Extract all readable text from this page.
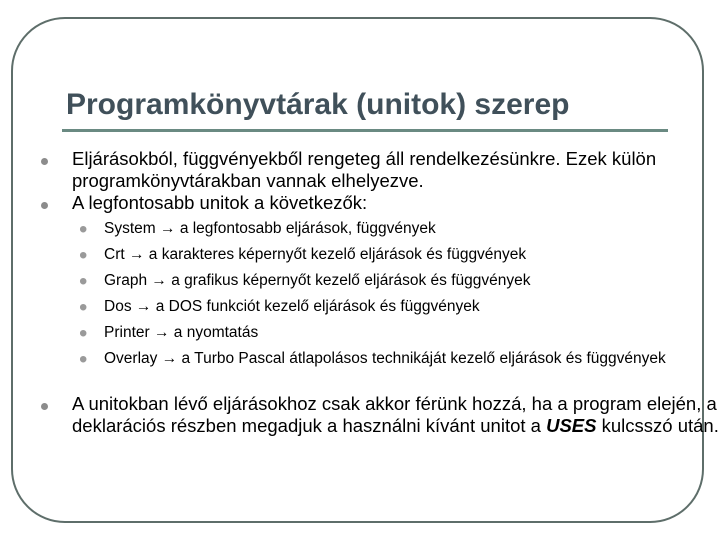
Programkönyvtárak (unitok) szerep

Eljárásokból, függvényekből rengeteg áll rendelkezésünkre. Ezek külön programkönyvtárakban vannak elhelyezve.

A legfontosabb unitok a következők:
• System → a legfontosabb eljárások, függvények
• Crt → a karakteres képernyőt kezelő eljárások és függvények
• Graph → a grafikus képernyőt kezelő eljárások és függvények
• Dos → a DOS funkciót kezelő eljárások és függvények
• Printer → a nyomtatás
• Overlay → a Turbo Pascal átlapolásos technikáját kezelő eljárások és függvények

A unitokban lévő eljárásokhoz csak akkor férünk hozzá, ha a program elején, a deklarációs részben megadjuk a használni kívánt unitot a USES kulcsszó után.
